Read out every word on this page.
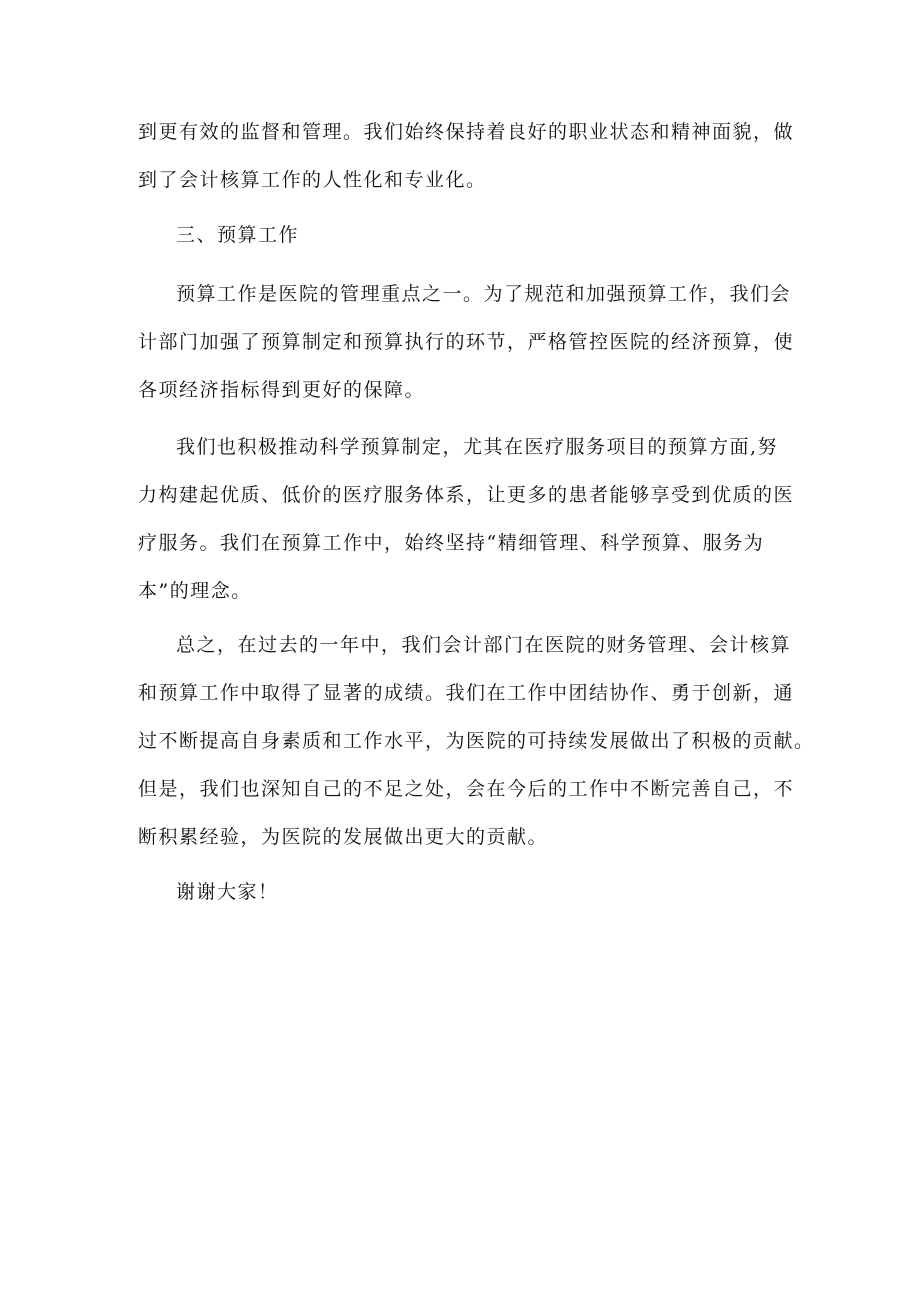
到更有效的监督和管理。我们始终保持着良好的职业状态和精神面貌，做
到了会计核算工作的人性化和专业化。
三、预算工作
预算工作是医院的管理重点之一。为了规范和加强预算工作，我们会
计部门加强了预算制定和预算执行的环节，严格管控医院的经济预算，使
各项经济指标得到更好的保障。
我们也积极推动科学预算制定，尤其在医疗服务项目的预算方面,努
力构建起优质、低价的医疗服务体系，让更多的患者能够享受到优质的医
疗服务。我们在预算工作中，始终坚持“精细管理、科学预算、服务为
本”的理念。
总之，在过去的一年中，我们会计部门在医院的财务管理、会计核算
和预算工作中取得了显著的成绩。我们在工作中团结协作、勇于创新，通
过不断提高自身素质和工作水平，为医院的可持续发展做出了积极的贡献。
但是，我们也深知自己的不足之处，会在今后的工作中不断完善自己，不
断积累经验，为医院的发展做出更大的贡献。
谢谢大家！
